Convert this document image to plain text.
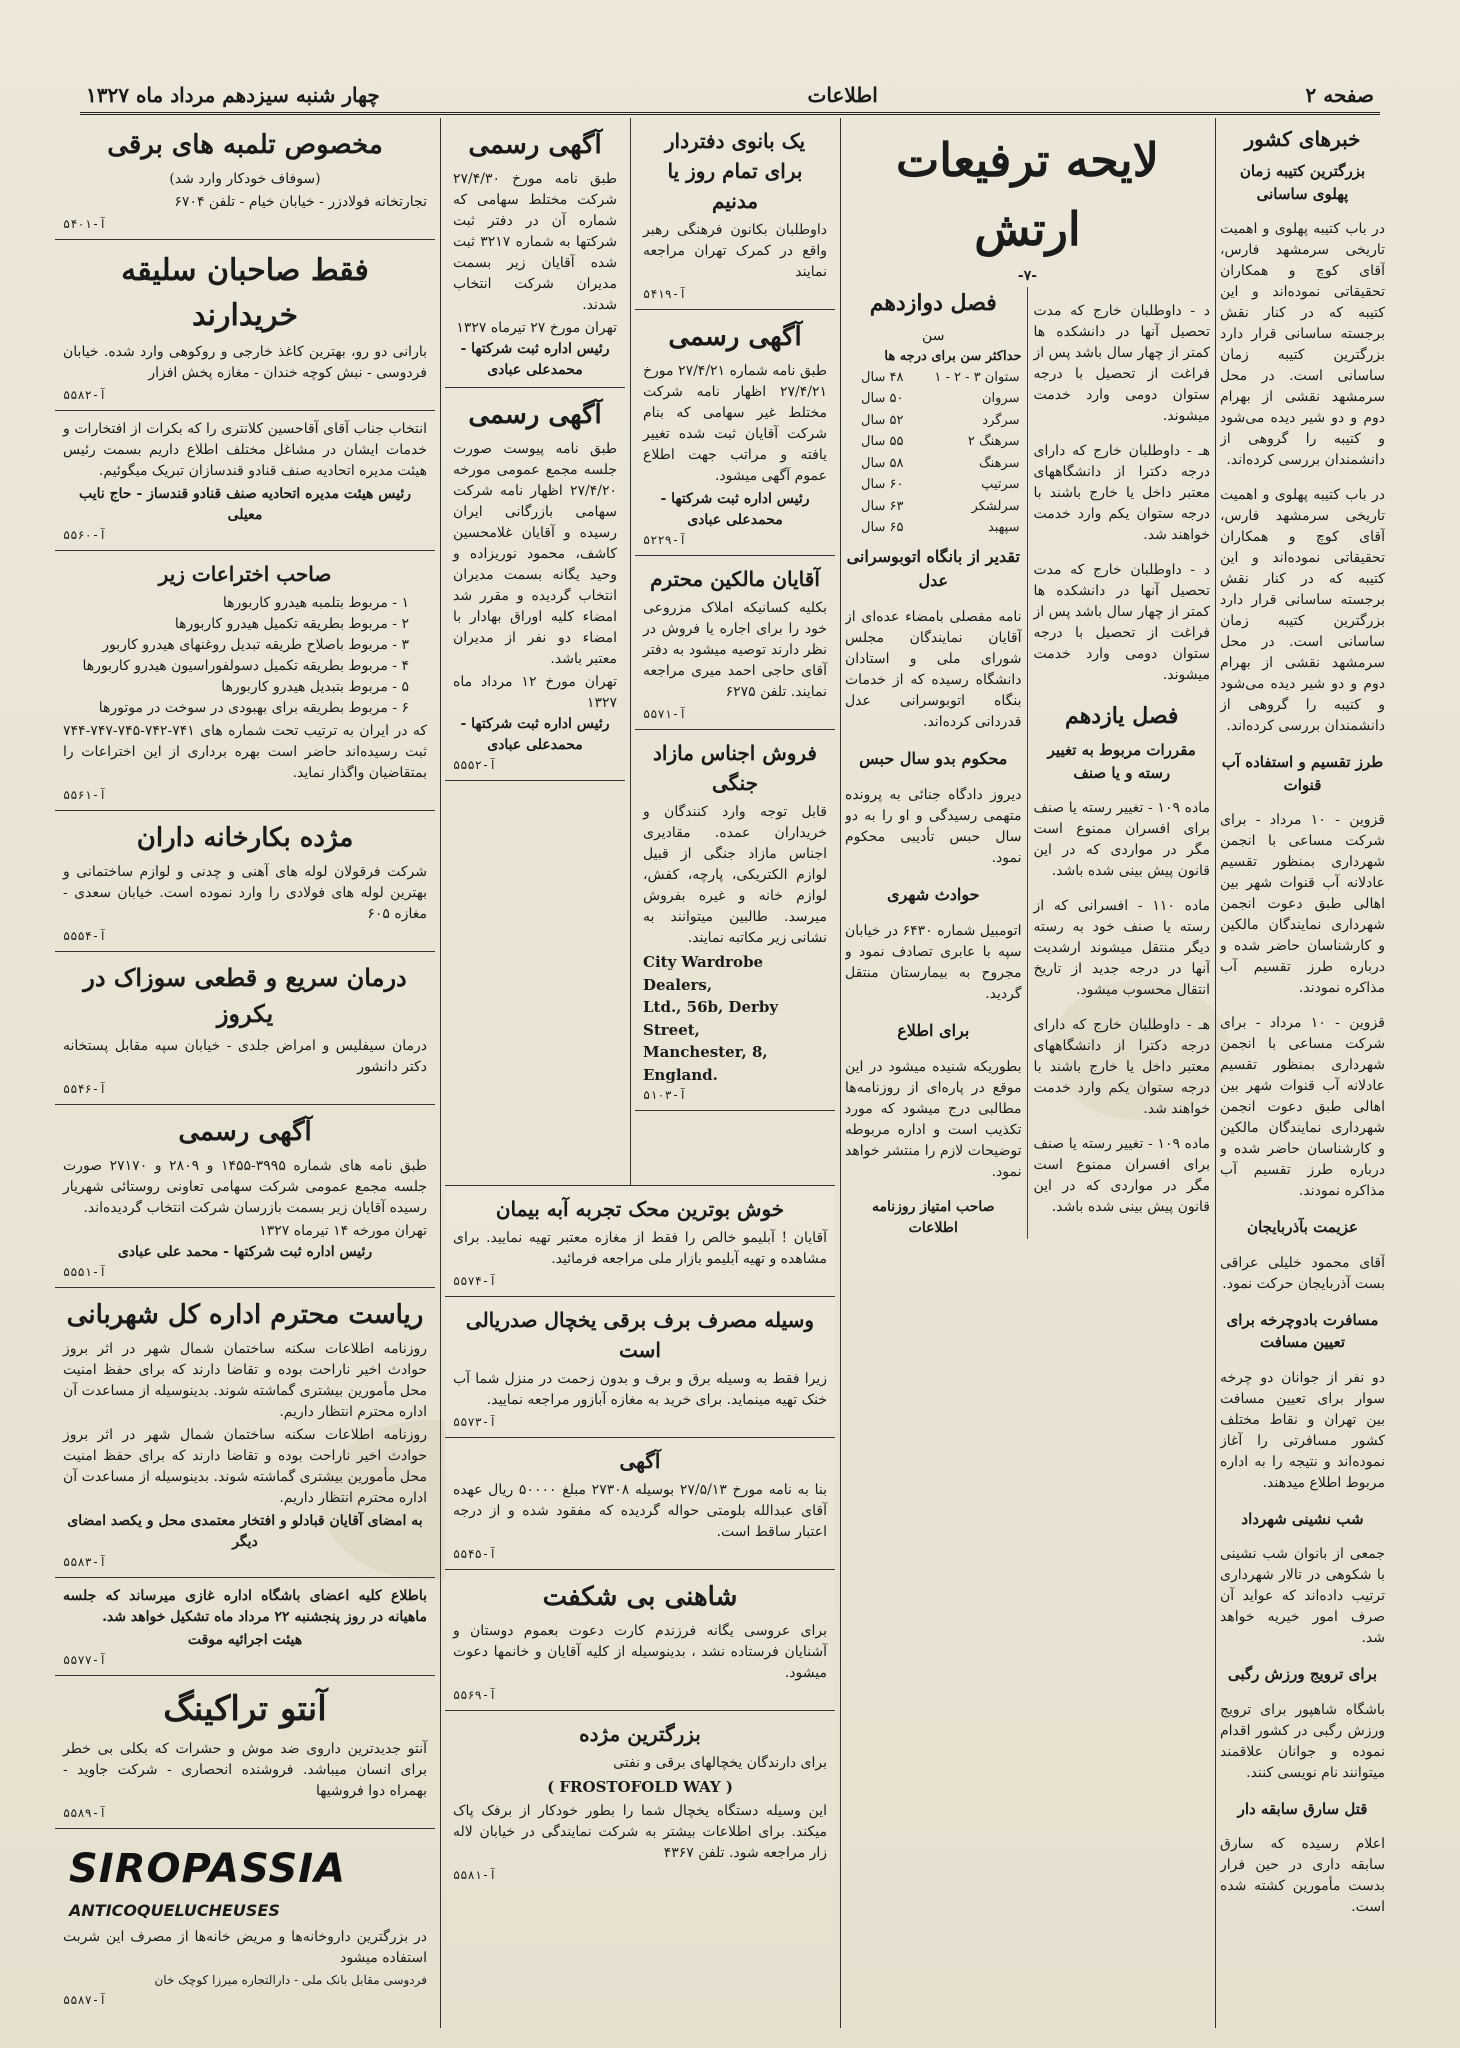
صفحه ۲
اطلاعات
چهار شنبه سیزدهم مرداد ماه ۱۳۲۷
خبرهای کشور
بزرگترین کتیبه زمان پهلوی ساسانی

در باب کتیبه پهلوی و اهمیت تاریخی سرمشهد فارس، آقای کوچ و همکاران تحقیقاتی نموده‌اند و این کتیبه که در کنار نقش برجسته ساسانی قرار دارد بزرگترین کتیبه زمان ساسانی است. در محل سرمشهد نقشی از بهرام دوم و دو شیر دیده می‌شود و کتیبه را گروهی از دانشمندان بررسی کرده‌اند.

در باب کتیبه پهلوی و اهمیت تاریخی سرمشهد فارس، آقای کوچ و همکاران تحقیقاتی نموده‌اند و این کتیبه که در کنار نقش برجسته ساسانی قرار دارد بزرگترین کتیبه زمان ساسانی است. در محل سرمشهد نقشی از بهرام دوم و دو شیر دیده می‌شود و کتیبه را گروهی از دانشمندان بررسی کرده‌اند.

طرز تقسیم و استفاده آب قنوات

قزوین - ۱۰ مرداد - برای شرکت مساعی با انجمن شهرداری بمنظور تقسیم عادلانه آب قنوات شهر بین اهالی طبق دعوت انجمن شهرداری نمایندگان مالکین و کارشناسان حاضر شده و درباره طرز تقسیم آب مذاکره نمودند.

قزوین - ۱۰ مرداد - برای شرکت مساعی با انجمن شهرداری بمنظور تقسیم عادلانه آب قنوات شهر بین اهالی طبق دعوت انجمن شهرداری نمایندگان مالکین و کارشناسان حاضر شده و درباره طرز تقسیم آب مذاکره نمودند.

عزیمت بآذربایجان

آقای محمود خلیلی عراقی بست آذربایجان حرکت نمود.

مسافرت بادوچرخه برای تعیین مسافت

دو نفر از جوانان دو چرخه سوار برای تعیین مسافت بین تهران و نقاط مختلف کشور مسافرتی را آغاز نموده‌اند و نتیجه را به اداره مربوط اطلاع میدهند.

شب نشینی شهرداد

جمعی از بانوان شب نشینی با شکوهی در تالار شهرداری ترتیب داده‌اند که عواید آن صرف امور خیریه خواهد شد.

برای ترویج ورزش رگبی

باشگاه شاهپور برای ترویج ورزش رگبی در کشور اقدام نموده و جوانان علاقمند میتوانند نام نویسی کنند.

قتل سارق سابقه دار

اعلام رسیده که سارق سابقه داری در حین فرار بدست مأمورین کشته شده است.

لایحه ترفیعات ارتش
-۷-

د - داوطلبان خارج که مدت تحصیل آنها در دانشکده ها کمتر از چهار سال باشد پس از فراغت از تحصیل با درجه ستوان دومی وارد خدمت میشوند.

هـ - داوطلبان خارج که دارای درجه دکترا از دانشگاههای معتبر داخل یا خارج باشند با درجه ستوان یکم وارد خدمت خواهند شد.

د - داوطلبان خارج که مدت تحصیل آنها در دانشکده ها کمتر از چهار سال باشد پس از فراغت از تحصیل با درجه ستوان دومی وارد خدمت میشوند.

فصل یازدهم
مقررات مربوط به تغییر رسته و یا صنف

ماده ۱۰۹ - تغییر رسته یا صنف برای افسران ممنوع است مگر در مواردی که در این قانون پیش بینی شده باشد.

ماده ۱۱۰ - افسرانی که از رسته یا صنف خود به رسته دیگر منتقل میشوند ارشدیت آنها در درجه جدید از تاریخ انتقال محسوب میشود.

هـ - داوطلبان خارج که دارای درجه دکترا از دانشگاههای معتبر داخل یا خارج باشند با درجه ستوان یکم وارد خدمت خواهند شد.

ماده ۱۰۹ - تغییر رسته یا صنف برای افسران ممنوع است مگر در مواردی که در این قانون پیش بینی شده باشد.

فصل دوازدهم
سن
حداکثر سن برای درجه ها
ستوان ۳ - ۲ - ۱	۴۸ سال
سروان	۵۰ سال
سرگرد	۵۲ سال
سرهنگ ۲	۵۵ سال
سرهنگ	۵۸ سال
سرتیپ	۶۰ سال
سرلشکر	۶۳ سال
سپهبد	۶۵ سال
تقدیر از بانگاه اتوبوسرانی عدل

نامه مفصلی بامضاء عده‌ای از آقایان نمایندگان مجلس شورای ملی و استادان دانشگاه رسیده که از خدمات بنگاه اتوبوسرانی عدل قدردانی کرده‌اند.

محکوم بدو سال حبس

دیروز دادگاه جنائی به پرونده متهمی رسیدگی و او را به دو سال حبس تأدیبی محکوم نمود.

حوادث شهری

اتومبیل شماره ۶۴۳۰ در خیابان سپه با عابری تصادف نمود و مجروح به بیمارستان منتقل گردید.

برای اطلاع

بطوریکه شنیده میشود در این موقع در پاره‌ای از روزنامه‌ها مطالبی درج میشود که مورد تکذیب است و اداره مربوطه توضیحات لازم را منتشر خواهد نمود.

صاحب امتیاز روزنامه اطلاعات
یک بانوی دفتردار برای تمام روز یا مدنیم

داوطلبان بکانون فرهنگی رهبر واقع در کمرک تهران مراجعه نمایند

آ-۵۴۱۹
آگهی رسمی

طبق نامه شماره ۲۷/۴/۲۱ مورخ ۲۷/۴/۲۱ اظهار نامه شرکت مختلط غیر سهامی که بنام شرکت آقایان ثبت شده تغییر یافته و مراتب جهت اطلاع عموم آگهی میشود.

رئیس اداره ثبت شرکتها - محمدعلی عبادی
آ-۵۲۲۹
آقایان مالکین محترم

بکلیه کسانیکه املاک مزروعی خود را برای اجاره یا فروش در نظر دارند توصیه میشود به دفتر آقای حاجی احمد میری مراجعه نمایند. تلفن ۶۲۷۵

آ-۵۵۷۱
فروش اجناس مازاد جنگی

قابل توجه وارد کنندگان و خریداران عمده. مقادیری اجناس مازاد جنگی از قبیل لوازم الکتریکی، پارچه، کفش، لوازم خانه و غیره بفروش میرسد. طالبین میتوانند به نشانی زیر مکاتبه نمایند.

City Wardrobe Dealers,
Ltd., 56b, Derby Street,
Manchester, 8, England.
آ-۵۱۰۳
آگهی رسمی

طبق نامه مورخ ۲۷/۴/۳۰ شرکت مختلط سهامی که شماره آن در دفتر ثبت شرکتها به شماره ۳۲۱۷ ثبت شده آقایان زیر بسمت مدیران شرکت انتخاب شدند.

تهران مورخ ۲۷ تیرماه ۱۳۲۷
رئیس اداره ثبت شرکتها - محمدعلی عبادی
آگهی رسمی

طبق نامه پیوست صورت جلسه مجمع عمومی مورخه ۲۷/۴/۲۰ اظهار نامه شرکت سهامی بازرگانی ایران رسیده و آقایان غلامحسین کاشف، محمود نوریزاده و وحید یگانه بسمت مدیران انتخاب گردیده و مقرر شد امضاء کلیه اوراق بهادار با امضاء دو نفر از مدیران معتبر باشد.

تهران مورخ ۱۲ مرداد ماه ۱۳۲۷
رئیس اداره ثبت شرکتها - محمدعلی عبادی
آ-۵۵۵۲
خوش بوترین محک تجربه آبه بیمان

آقایان ! آبلیمو خالص را فقط از مغازه معتبر تهیه نمایید. برای مشاهده و تهیه آبلیمو بازار ملی مراجعه فرمائید.

آ-۵۵۷۴
وسیله مصرف برف برقی یخچال صدریالی است

زیرا فقط به وسیله برق و برف و بدون زحمت در منزل شما آب خنک تهیه مینماید. برای خرید به مغازه آبازور مراجعه نمایید.

آ-۵۵۷۳
آگهی

بنا به نامه مورخ ۲۷/۵/۱۳ بوسیله ۲۷۳۰۸ مبلغ ۵۰۰۰۰ ریال عهده آقای عبدالله بلومتی حواله گردیده که مفقود شده و از درجه اعتبار ساقط است.

آ-۵۵۴۵
شاهنی بی شکفت

برای عروسی یگانه فرزندم کارت دعوت بعموم دوستان و آشنایان فرستاده نشد ، بدینوسیله از کلیه آقایان و خانمها دعوت میشود.

آ-۵۵۶۹
بزرگترین مژده

برای دارندگان یخچالهای برقی و نفتی

( FROSTOFOLD WAY )

این وسیله دستگاه یخچال شما را بطور خودکار از برفک پاک میکند. برای اطلاعات بیشتر به شرکت نمایندگی در خیابان لاله زار مراجعه شود. تلفن ۴۳۶۷

آ-۵۵۸۱
مخصوص تلمبه های برقی

(سوفاف خودکار وارد شد)

تجارتخانه فولادزر - خیابان خیام - تلفن ۶۷۰۴

آ-۵۴۰۱
فقط صاحبان سلیقه خریدارند

بارانی دو رو، بهترین کاغذ خارجی و روکوهی وارد شده. خیابان فردوسی - نبش کوچه خندان - مغازه پخش افزار

آ-۵۵۸۲

انتخاب جناب آقای آقاحسین کلانتری را که بکرات از افتخارات و خدمات ایشان در مشاغل مختلف اطلاع داریم بسمت رئیس هیئت مدیره اتحادیه صنف قنادو قندسازان تبریک میگوئیم.

رئیس هیئت مدیره اتحادیه صنف قنادو قندساز - حاج نایب معیلی
آ-۵۵۶۰
صاحب اختراعات زیر
۱ - مربوط بتلمبه هیدرو کاربورها
۲ - مربوط بطریقه تکمیل هیدرو کاربورها
۳ - مربوط باصلاح طریقه تبدیل روغنهای هیدرو کاربور
۴ - مربوط بطریقه تکمیل دسولفوراسیون هیدرو کاربورها
۵ - مربوط بتبدیل هیدرو کاربورها
۶ - مربوط بطریقه برای بهبودی در سوخت در موتورها

که در ایران به ترتیب تحت شماره های ۷۴۱-۷۴۲-۷۴۵-۷۴۷-۷۴۴ ثبت رسیده‌اند حاضر است بهره برداری از این اختراعات را بمتقاضیان واگذار نماید.

آ-۵۵۶۱
مژده بکارخانه داران

شرکت فرقولان لوله های آهنی و چدنی و لوازم ساختمانی و بهترین لوله های فولادی را وارد نموده است. خیابان سعدی - مغازه ۶۰۵

آ-۵۵۵۴
درمان سریع و قطعی سوزاک در یکروز

درمان سیفلیس و امراض جلدی - خیابان سپه مقابل پستخانه دکتر دانشور

آ-۵۵۴۶
آگهی رسمی

طبق نامه های شماره ۳۹۹۵-۱۴۵۵ و ۲۸۰۹ و ۲۷۱۷۰ صورت جلسه مجمع عمومی شرکت سهامی تعاونی روستائی شهریار رسیده آقایان زیر بسمت بازرسان شرکت انتخاب گردیده‌اند.

تهران مورخه ۱۴ تیرماه ۱۳۲۷
رئیس اداره ثبت شرکتها - محمد علی عبادی
آ-۵۵۵۱
ریاست محترم اداره کل شهربانی

روزنامه اطلاعات سکنه ساختمان شمال شهر در اثر بروز حوادث اخیر ناراحت بوده و تقاضا دارند که برای حفظ امنیت محل مأمورین بیشتری گماشته شوند. بدینوسیله از مساعدت آن اداره محترم انتظار داریم.

روزنامه اطلاعات سکنه ساختمان شمال شهر در اثر بروز حوادث اخیر ناراحت بوده و تقاضا دارند که برای حفظ امنیت محل مأمورین بیشتری گماشته شوند. بدینوسیله از مساعدت آن اداره محترم انتظار داریم.

به امضای آقایان قبادلو و افتخار معتمدی محل و یکصد امضای دیگر
آ-۵۵۸۳

باطلاع کلیه اعضای باشگاه اداره غازی میرساند که جلسه ماهیانه در روز پنجشنبه ۲۲ مرداد ماه تشکیل خواهد شد.

هیئت اجرائیه موقت
آ-۵۵۷۷
آنتو تراکینگ

آنتو جدیدترین داروی ضد موش و حشرات که بکلی بی خطر برای انسان میباشد. فروشنده انحصاری - شرکت جاوید - بهمراه دوا فروشیها

آ-۵۵۸۹
SIROPASSIA
ANTICOQUELUCHEUSES

در بزرگترین داروخانه‌ها و مریض خانه‌ها از مصرف این شربت استفاده میشود

فردوسی مقابل بانک ملی - دارالتجاره میرزا کوچک خان

آ-۵۵۸۷
